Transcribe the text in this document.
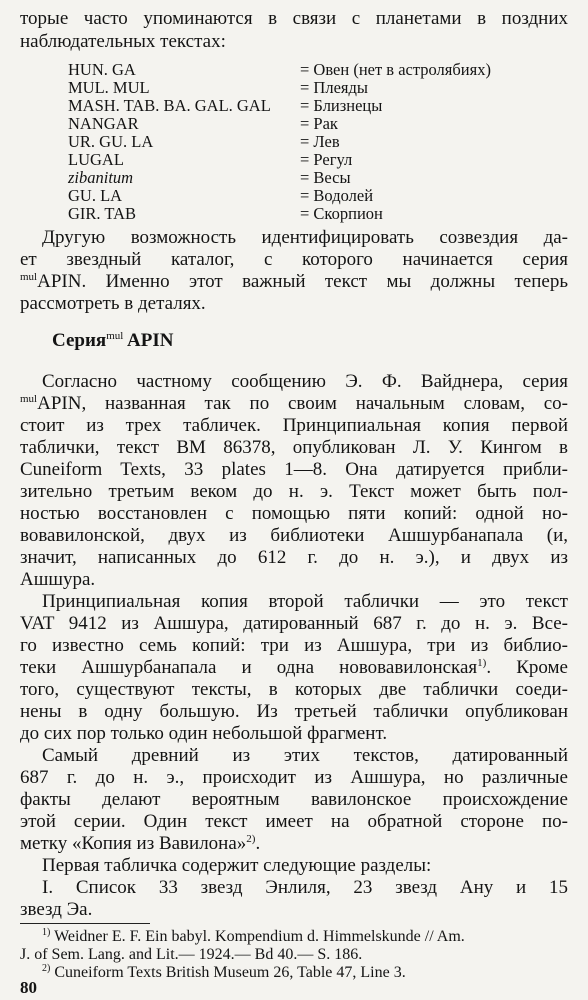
торые часто упоминаются в связи с планетами в поздних
наблюдательных текстах:
HUN. GA	= Овен (нет в астролябиях)
MUL. MUL	= Плеяды
MASH. TAB. BA. GAL. GAL = Близнецы
NANGAR	= Рак
UR. GU. LA	= Лев
LUGAL	= Регул
zibanitum	= Весы
GU. LA	= Водолей
GIR. TAB	= Скорпион
Другую возможность идентифицировать созвездия да-
ет звездный каталог, с которого начинается серия
$^{mul}$APIN. Именно этот важный текст мы должны теперь
рассмотреть в деталях.
Серия$^{mul}$ APIN
Согласно частному сообщению Э. Ф. Вайднера, серия
$^{mul}$APIN, названная так по своим начальным словам, со-
стоит из трех табличек. Принципиальная копия первой
таблички, текст BM 86378, опубликован Л. У. Кингом в
Cuneiform Texts, 33 plates 1—8. Она датируется прибли-
зительно третьим веком до н. э. Текст может быть пол-
ностью восстановлен с помощью пяти копий: одной но-
вовавилонской, двух из библиотеки Ашшурбанапала (и,
значит, написанных до 612 г. до н. э.), и двух из
Ашшура.
Принципиальная копия второй таблички — это текст
VAT 9412 из Ашшура, датированный 687 г. до н. э. Все-
го известно семь копий: три из Ашшура, три из библио-
теки Ашшурбанапала и одна нововавилонская$^{1)}$. Кроме
того, существуют тексты, в которых две таблички соеди-
нены в одну большую. Из третьей таблички опубликован
до сих пор только один небольшой фрагмент.
Самый древний из этих текстов, датированный
687 г. до н. э., происходит из Ашшура, но различные
факты делают вероятным вавилонское происхождение
этой серии. Один текст имеет на обратной стороне по-
метку «Копия из Вавилона»$^{2)}$.
Первая табличка содержит следующие разделы:
I. Список 33 звезд Энлиля, 23 звезд Ану и 15
звезд Эа.
$^{1)}$ Weidner E. F. Ein babyl. Kompendium d. Himmelskunde // Am.
J. of Sem. Lang. and Lit.— 1924.— Bd 40.— S. 186.
$^{2)}$ Cuneiform Texts British Museum 26, Table 47, Line 3.
80
